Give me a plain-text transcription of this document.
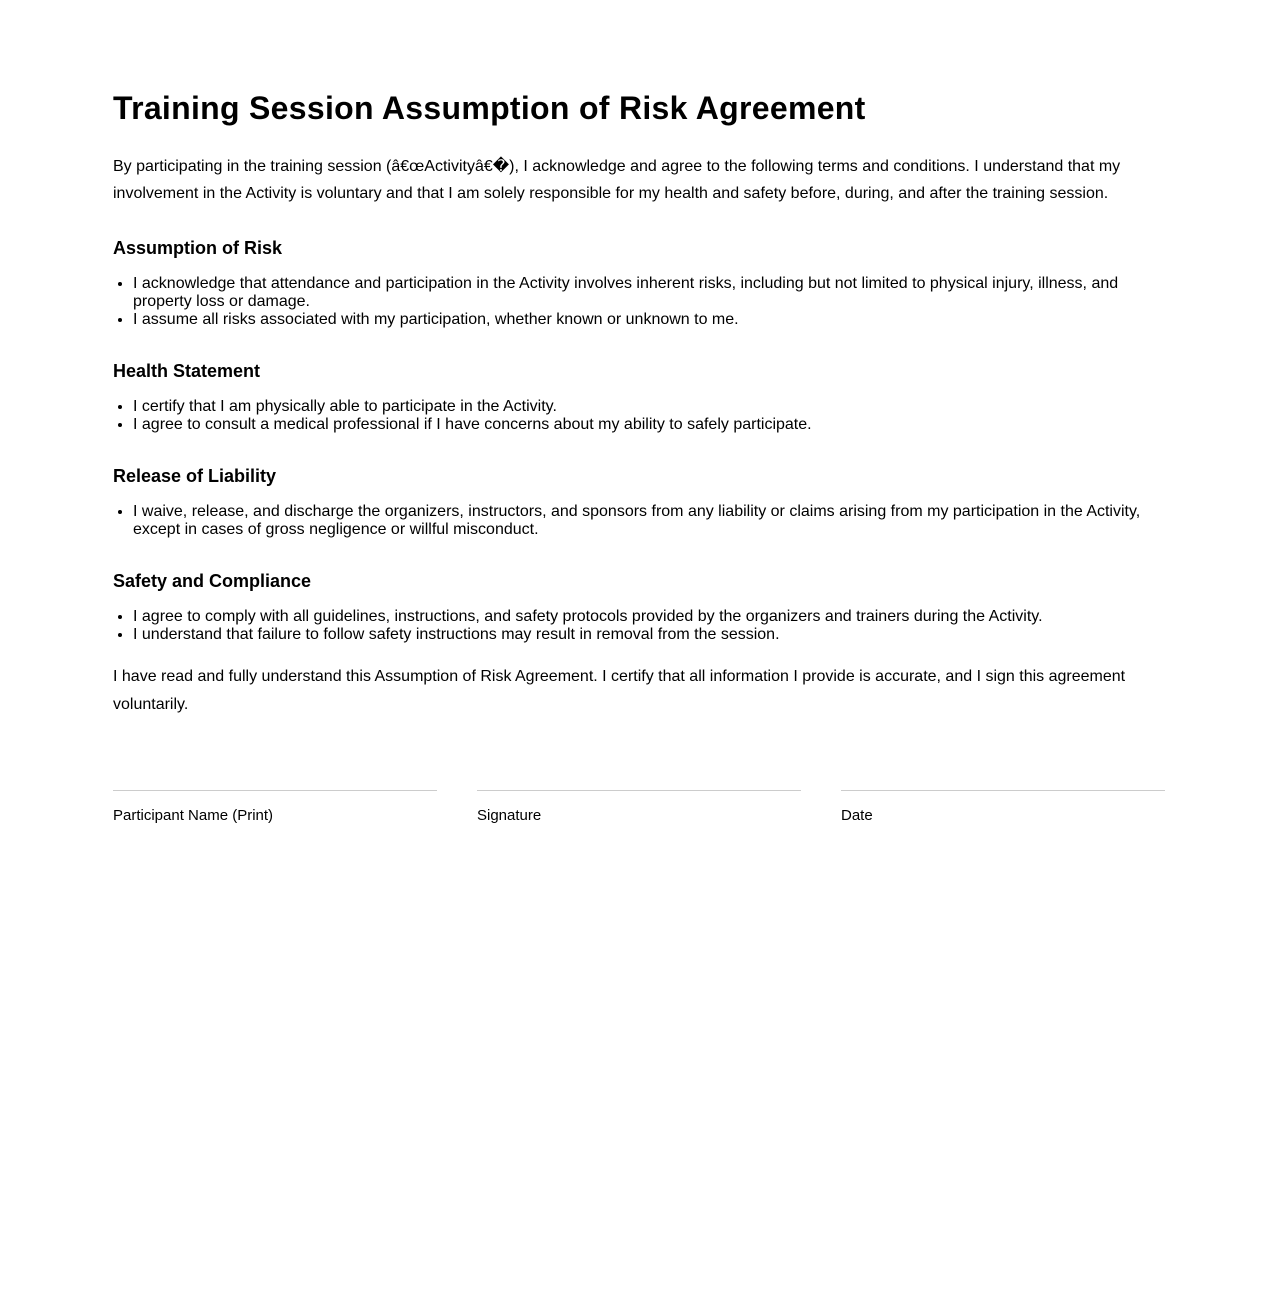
Training Session Assumption of Risk Agreement

By participating in the training session (â€œActivityâ€�), I acknowledge and agree to the following terms and conditions. I understand that my involvement in the Activity is voluntary and that I am solely responsible for my health and safety before, during, and after the training session.

Assumption of Risk
• I acknowledge that attendance and participation in the Activity involves inherent risks, including but not limited to physical injury, illness, and property loss or damage.
• I assume all risks associated with my participation, whether known or unknown to me.
Health Statement
• I certify that I am physically able to participate in the Activity.
• I agree to consult a medical professional if I have concerns about my ability to safely participate.
Release of Liability
• I waive, release, and discharge the organizers, instructors, and sponsors from any liability or claims arising from my participation in the Activity, except in cases of gross negligence or willful misconduct.
Safety and Compliance
• I agree to comply with all guidelines, instructions, and safety protocols provided by the organizers and trainers during the Activity.
• I understand that failure to follow safety instructions may result in removal from the session.

I have read and fully understand this Assumption of Risk Agreement. I certify that all information I provide is accurate, and I sign this agreement voluntarily.

Participant Name (Print)	Signature	Date
